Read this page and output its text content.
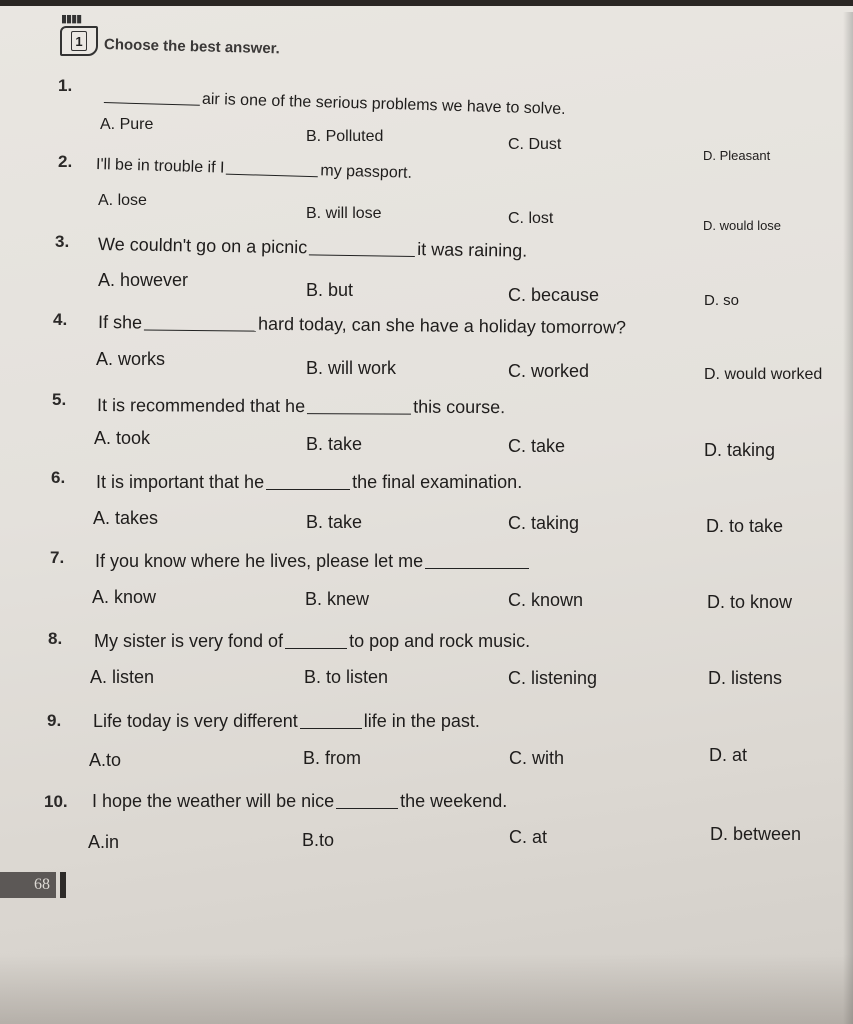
▮▮▮▮
1 Choose the best answer.
1.
air is one of the serious problems we have to solve.
A. Pure
B. Polluted	C. Dust
D. Pleasant
2. I'll be in trouble if I	my passport.
A. lose
B. will lose	C. lost	D. would lose
3. We couldn't go on a picnic	it was raining.
A. however	B. but	C. because	D. so
4. If she	hard today, can she have a holiday tomorrow?
A. works	B. will work	C. worked	D. would worked
5. It is recommended that he	this course.
A. took	B. take	C. take	D. taking
6. It is important that he	the final examination.
A. takes	B. take	C. taking	D. to take
7. If you know where he lives, please let me
A. know	B. knew	C. known	D. to know
8. My sister is very fond of	to pop and rock music.
A. listen	B. to listen	C. listening	D. listens
9. Life today is very different	life in the past.
A.to	B. from	C. with	D. at
10. I hope the weather will be nice	the weekend.
A.in	B.to	C. at	D. between
68
